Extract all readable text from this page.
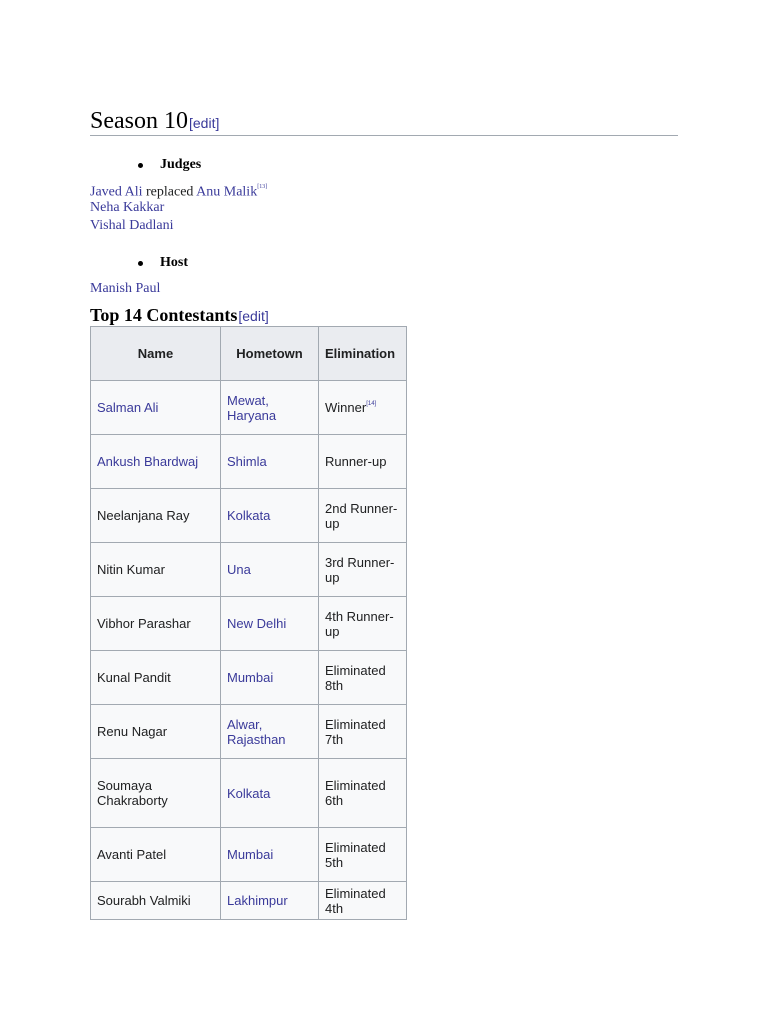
Season 10[edit]
Judges
Javed Ali replaced Anu Malik[13]
Neha Kakkar
Vishal Dadlani
Host
Manish Paul
Top 14 Contestants[edit]
Name	Hometown	Elimination
Salman Ali	Mewat, Haryana	Winner[14]
Ankush Bhardwaj	Shimla	Runner-up
Neelanjana Ray	Kolkata	2nd Runner-up
Nitin Kumar	Una	3rd Runner-up
Vibhor Parashar	New Delhi	4th Runner-up
Kunal Pandit	Mumbai	Eliminated 8th
Renu Nagar	Alwar, Rajasthan	Eliminated 7th
Soumaya Chakraborty	Kolkata	Eliminated 6th
Avanti Patel	Mumbai	Eliminated 5th
Sourabh Valmiki	Lakhimpur	Eliminated 4th
